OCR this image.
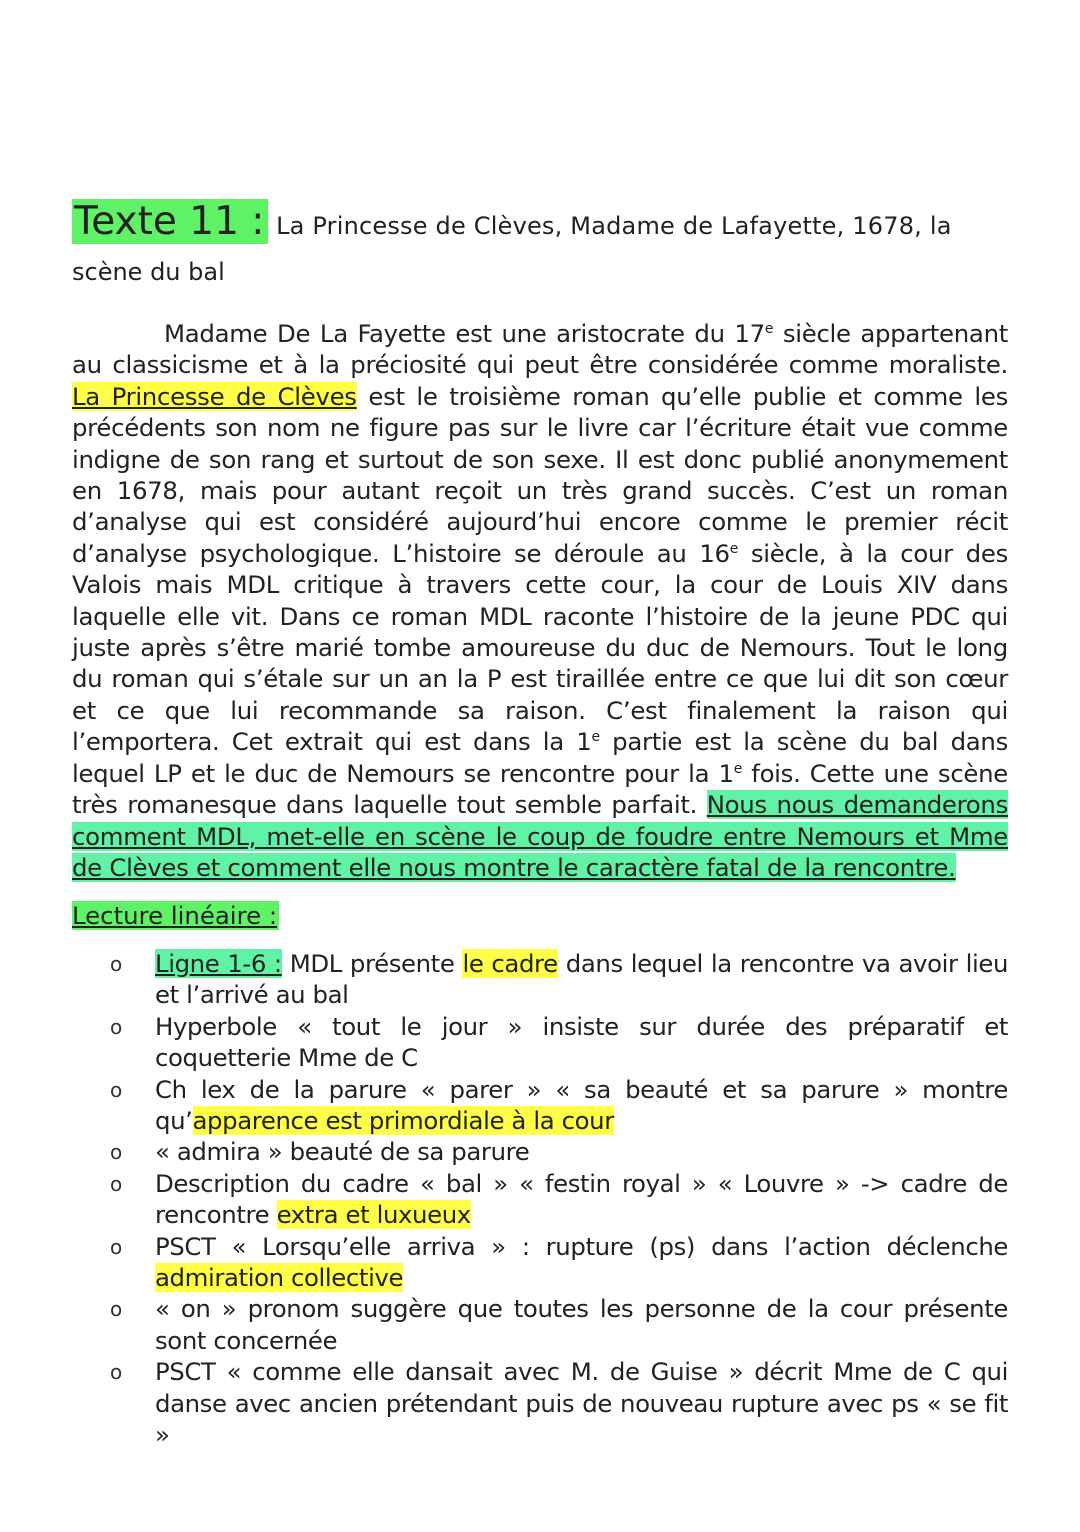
Texte 11 : La Princesse de Clèves, Madame de Lafayette, 1678, la

scène du bal

Madame De La Fayette est une aristocrate du 17e siècle appartenant au classicisme et à la préciosité qui peut être considérée comme moraliste. La Princesse de Clèves est le troisième roman qu’elle publie et comme les précédents son nom ne figure pas sur le livre car l’écriture était vue comme indigne de son rang et surtout de son sexe. Il est donc publié anonymement en 1678, mais pour autant reçoit un très grand succès. C’est un roman d’analyse qui est considéré aujourd’hui encore comme le premier récit d’analyse psychologique. L’histoire se déroule au 16e siècle, à la cour des Valois mais MDL critique à travers cette cour, la cour de Louis XIV dans laquelle elle vit. Dans ce roman MDL raconte l’histoire de la jeune PDC qui juste après s’être marié tombe amoureuse du duc de Nemours. Tout le long du roman qui s’étale sur un an la P est tiraillée entre ce que lui dit son cœur et ce que lui recommande sa raison. C’est finalement la raison qui l’emportera. Cet extrait qui est dans la 1e partie est la scène du bal dans lequel LP et le duc de Nemours se rencontre pour la 1e fois. Cette une scène très romanesque dans laquelle tout semble parfait. Nous nous demanderons comment MDL, met-elle en scène le coup de foudre entre Nemours et Mme de Clèves et comment elle nous montre le caractère fatal de la rencontre.

Lecture linéaire :
o Ligne 1-6 : MDL présente le cadre dans lequel la rencontre va avoir lieu et l’arrivé au bal
o Hyperbole « tout le jour » insiste sur durée des préparatif et coquetterie Mme de C
o Ch lex de la parure « parer » « sa beauté et sa parure » montre qu’apparence est primordiale à la cour
o « admira » beauté de sa parure
o Description du cadre « bal » « festin royal » « Louvre » -> cadre de rencontre extra et luxueux
o PSCT « Lorsqu’elle arriva » : rupture (ps) dans l’action déclenche admiration collective
o « on » pronom suggère que toutes les personne de la cour présente sont concernée
o PSCT « comme elle dansait avec M. de Guise » décrit Mme de C qui danse avec ancien prétendant puis de nouveau rupture avec ps « se fit »
